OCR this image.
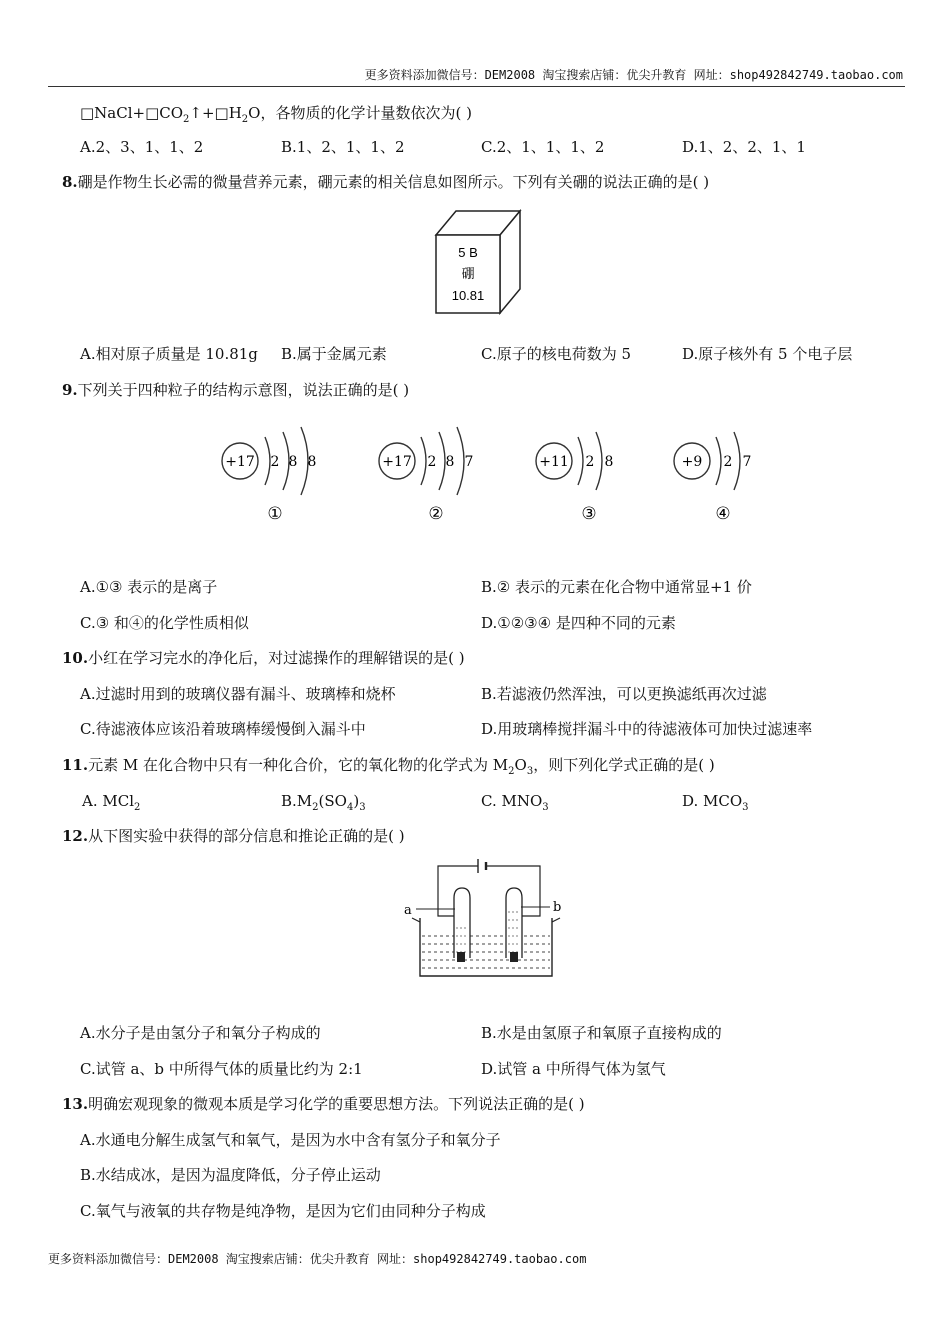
更多资料添加微信号：DEM2008 淘宝搜索店铺：优尖升教育 网址：shop492842749.taobao.com
$□NaCl+□CO_2↑+□H_2O$，各物质的化学计量数依次为( )
A.2、3、1、1、2	B.1、2、1、1、2	C.2、1、1、1、2	D.1、2、2、1、1
8.硼是作物生长必需的微量营养元素，硼元素的相关信息如图所示。下列有关硼的说法正确的是( )
5 B
硼
10.81
A.相对原子质量是 10.81g B.属于金属元素	C.原子的核电荷数为 5	D.原子核外有 5 个电子层
9.下列关于四种粒子的结构示意图，说法正确的是( )
+17 2 8 8
①
+17 2 8 7
②
+11 2 8
③
+9 2 7
④
A.①③ 表示的是离子	B.② 表示的元素在化合物中通常显+1 价
C.③ 和④的化学性质相似	D.①②③④ 是四种不同的元素
10.小红在学习完水的净化后，对过滤操作的理解错误的是( )
A.过滤时用到的玻璃仪器有漏斗、玻璃棒和烧杯	B.若滤液仍然浑浊，可以更换滤纸再次过滤
C.待滤液体应该沿着玻璃棒缓慢倒入漏斗中	D.用玻璃棒搅拌漏斗中的待滤液体可加快过滤速率
11.元素 M 在化合物中只有一种化合价，它的氧化物的化学式为 $M_2O_3$，则下列化学式正确的是( )
A. MCl$_2$	$B.M_2(SO_4)_3$	C. $MNO_3$	D. $MCO_3$
12.从下图实验中获得的部分信息和推论正确的是( )
a	b
A.水分子是由氢分子和氧分子构成的	B.水是由氢原子和氧原子直接构成的
C.试管 a、b 中所得气体的质量比约为 2:1	D.试管 a 中所得气体为氢气
13.明确宏观现象的微观本质是学习化学的重要思想方法。下列说法正确的是( )
A.水通电分解生成氢气和氧气，是因为水中含有氢分子和氧分子
B.水结成冰，是因为温度降低，分子停止运动
C.氧气与液氧的共存物是纯净物，是因为它们由同种分子构成
更多资料添加微信号：DEM2008 淘宝搜索店铺：优尖升教育 网址：shop492842749.taobao.com
